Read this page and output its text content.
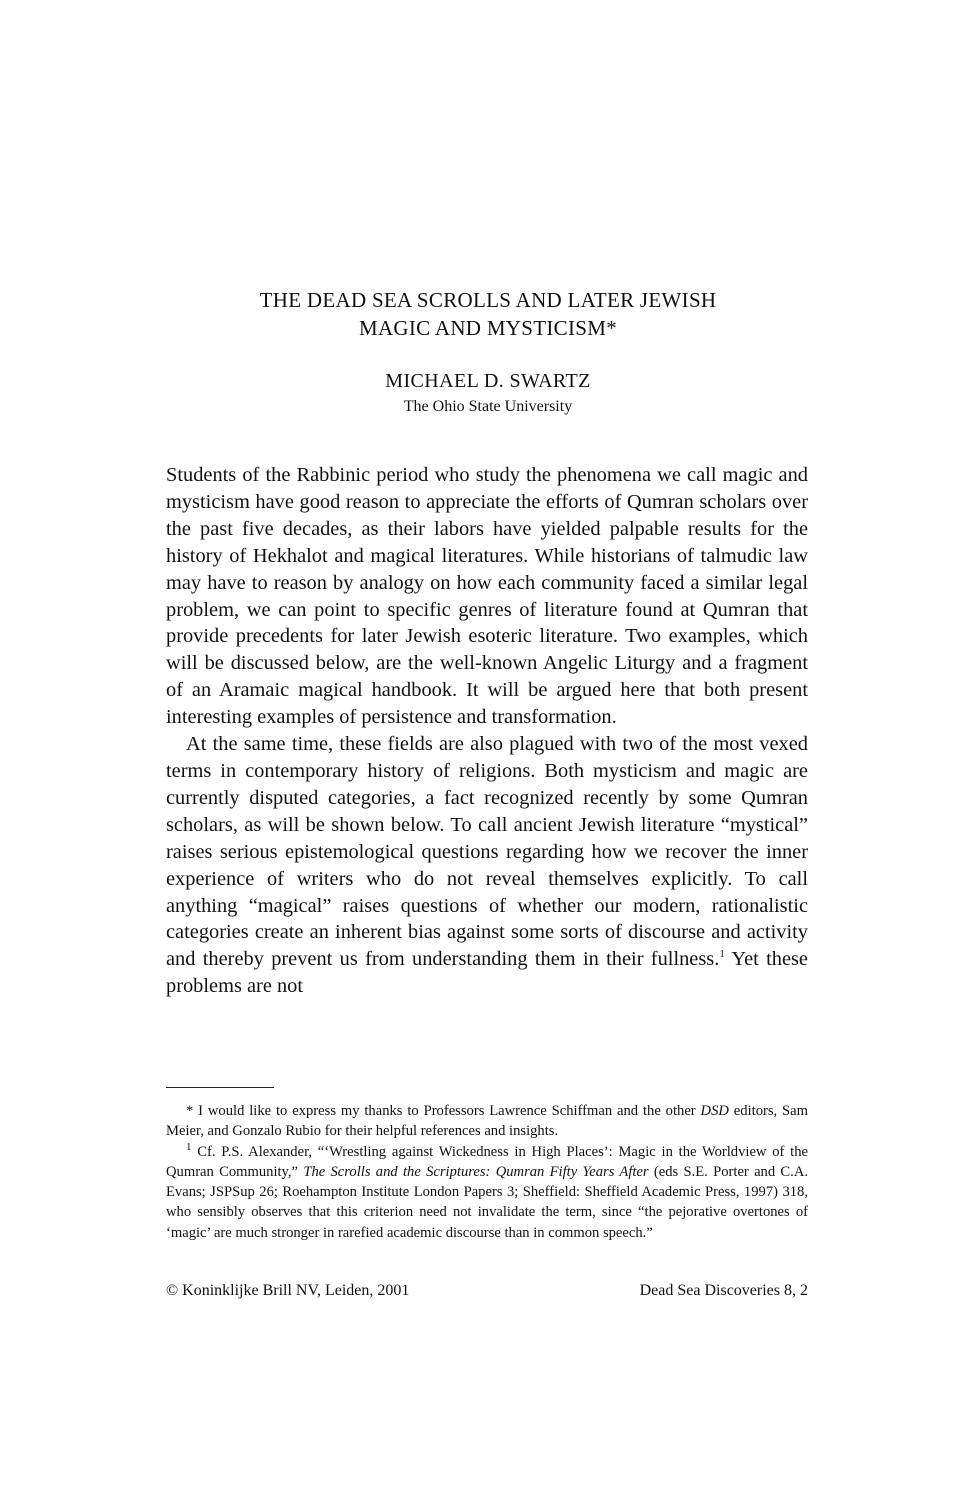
THE DEAD SEA SCROLLS AND LATER JEWISH
MAGIC AND MYSTICISM*
MICHAEL D. SWARTZ
The Ohio State University

Students of the Rabbinic period who study the phenomena we call magic and mysticism have good reason to appreciate the efforts of Qumran scholars over the past five decades, as their labors have yielded palpable results for the history of Hekhalot and magical literatures. While historians of talmudic law may have to reason by analogy on how each community faced a similar legal problem, we can point to specific genres of literature found at Qumran that provide precedents for later Jewish esoteric literature. Two examples, which will be discussed below, are the well-known Angelic Liturgy and a fragment of an Aramaic magical handbook. It will be argued here that both present interesting examples of persistence and transformation.

At the same time, these fields are also plagued with two of the most vexed terms in contemporary history of religions. Both mysticism and magic are currently disputed categories, a fact recognized recently by some Qumran scholars, as will be shown below. To call ancient Jewish literature “mystical” raises serious epistemological questions regarding how we recover the inner experience of writers who do not reveal themselves explicitly. To call anything “magical” raises questions of whether our modern, rationalistic categories create an inherent bias against some sorts of discourse and activity and thereby prevent us from understanding them in their fullness.$^1$ Yet these problems are not

* I would like to express my thanks to Professors Lawrence Schiffman and the other DSD editors, Sam Meier, and Gonzalo Rubio for their helpful references and insights.

$^1$ Cf. P.S. Alexander, “‘Wrestling against Wickedness in High Places’: Magic in the Worldview of the Qumran Community,” The Scrolls and the Scriptures: Qumran Fifty Years After (eds S.E. Porter and C.A. Evans; JSPSup 26; Roehampton Institute London Papers 3; Sheffield: Sheffield Academic Press, 1997) 318, who sensibly observes that this criterion need not invalidate the term, since “the pejorative overtones of ‘magic’ are much stronger in rarefied academic discourse than in common speech.”

© Koninklijke Brill NV, Leiden, 2001	Dead Sea Discoveries 8, 2
